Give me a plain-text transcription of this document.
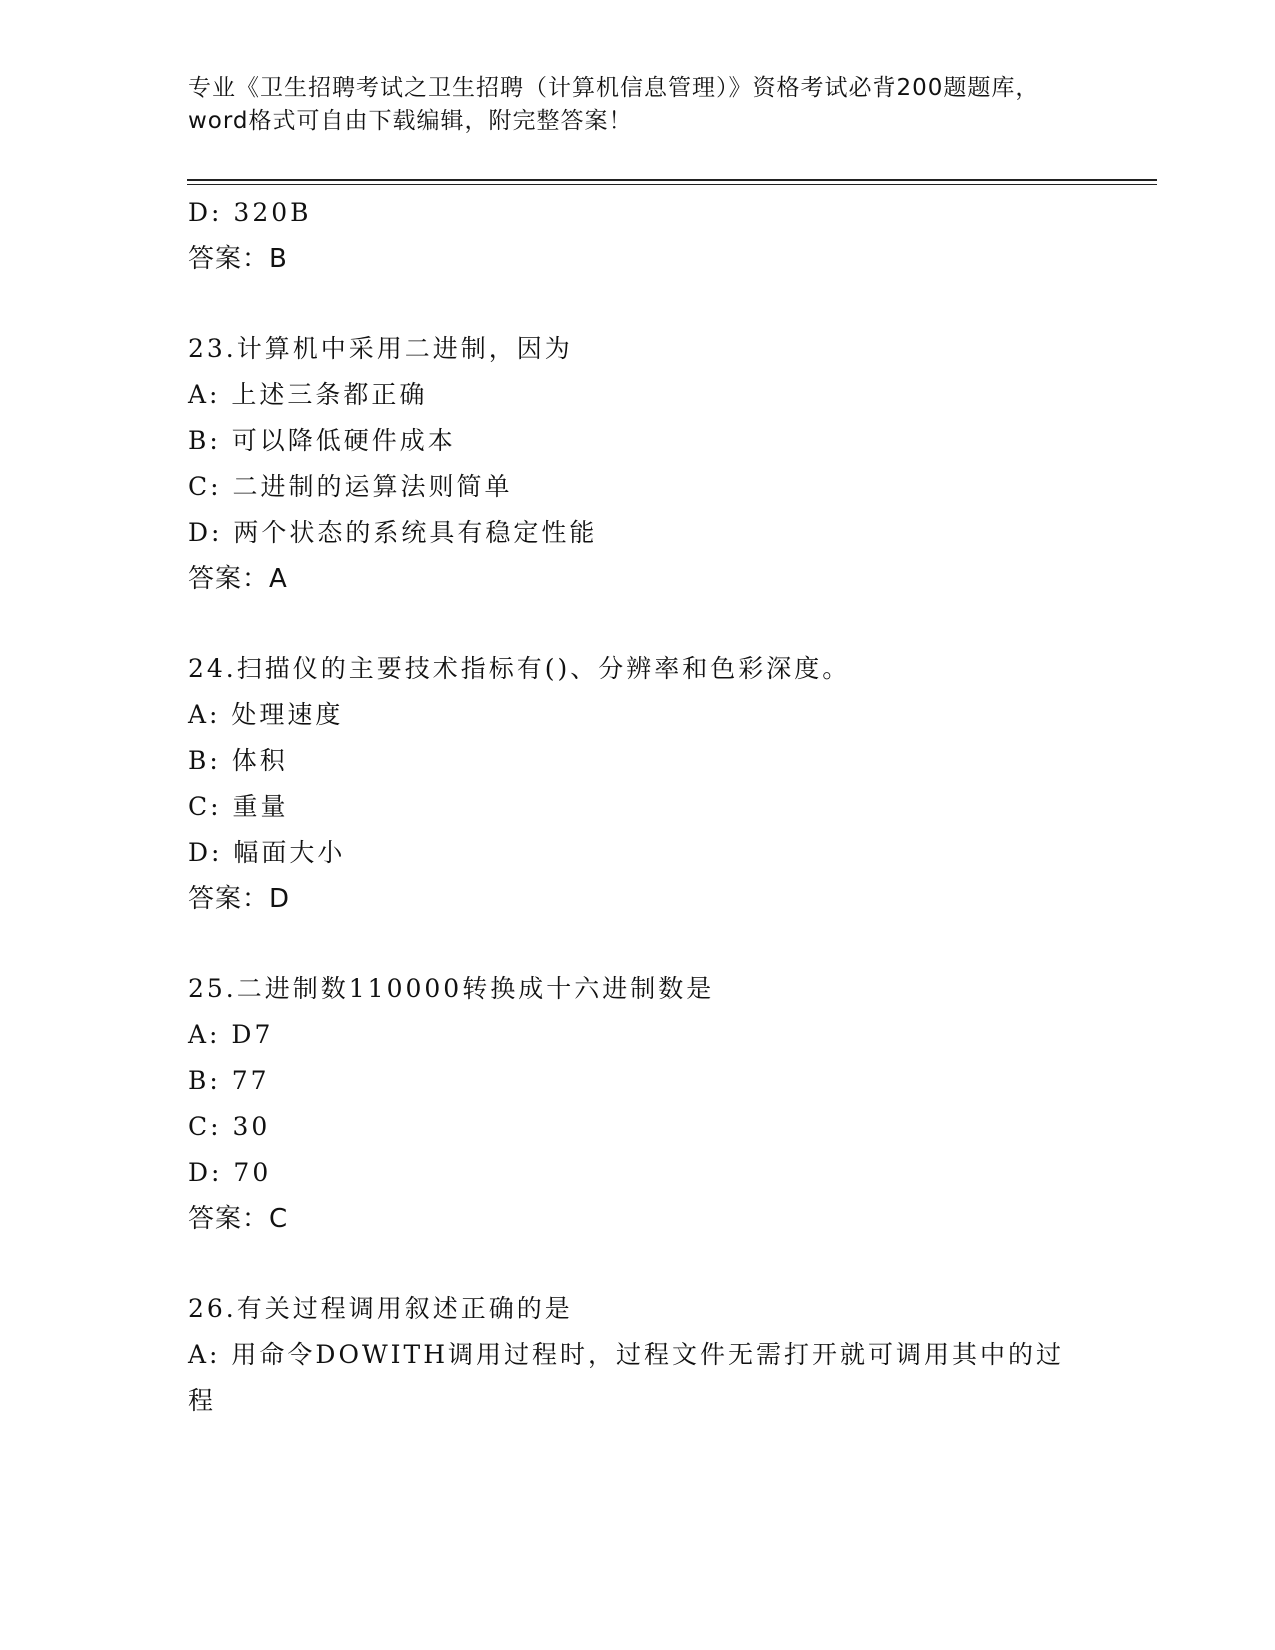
专业《卫生招聘考试之卫生招聘（计算机信息管理）》资格考试必背200题题库，
word格式可自由下载编辑，附完整答案！
D: 320B
答案：B
23.计算机中采用二进制，因为
A: 上述三条都正确
B: 可以降低硬件成本
C: 二进制的运算法则简单
D: 两个状态的系统具有稳定性能
答案：A
24.扫描仪的主要技术指标有()、分辨率和色彩深度。
A: 处理速度
B: 体积
C: 重量
D: 幅面大小
答案：D
25.二进制数110000转换成十六进制数是
A: D7
B: 77
C: 30
D: 70
答案：C
26.有关过程调用叙述正确的是
A: 用命令DOWITH调用过程时，过程文件无需打开就可调用其中的过
程
